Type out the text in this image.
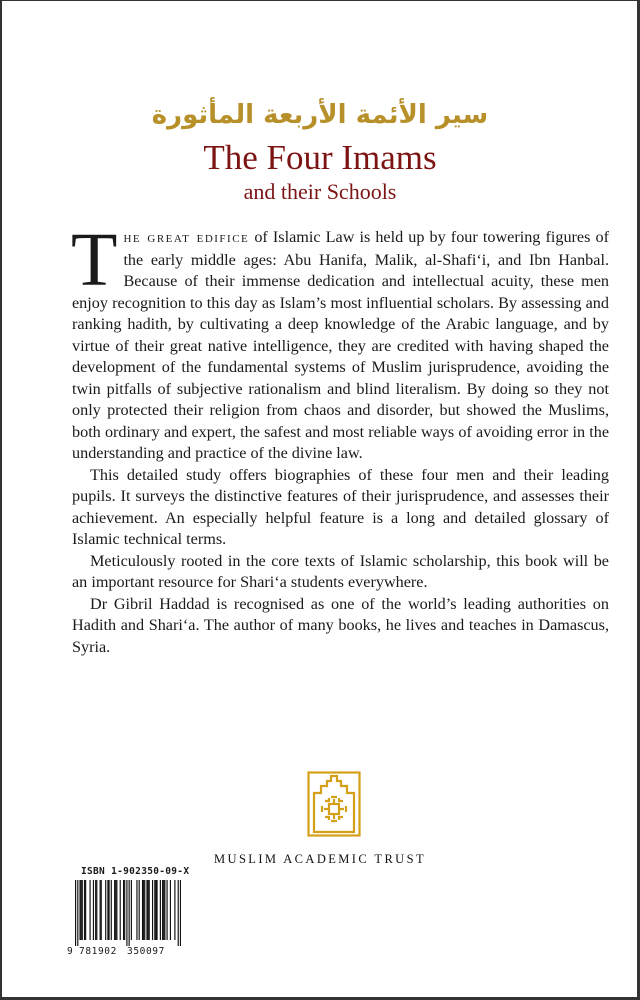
سير الأئمة الأربعة المأثورة
The Four Imams
and their Schools

The great edifice of Islamic Law is held up by four towering figures of the early middle ages: Abu Hanifa, Malik, al-Shafi‘i, and Ibn Hanbal. Because of their immense dedication and intellectual acuity, these men enjoy recognition to this day as Islam’s most influential scholars. By assessing and ranking hadith, by cultivating a deep knowledge of the Arabic language, and by virtue of their great native intelligence, they are credited with having shaped the development of the fundamental systems of Muslim jurisprudence, avoiding the twin pitfalls of subjective rationalism and blind literalism. By doing so they not only protected their religion from chaos and disorder, but showed the Muslims, both ordinary and expert, the safest and most reliable ways of avoiding error in the understanding and practice of the divine law.

This detailed study offers biographies of these four men and their leading pupils. It surveys the distinctive features of their jurisprudence, and assesses their achievement. An especially helpful feature is a long and detailed glossary of Islamic technical terms.

Meticulously rooted in the core texts of Islamic scholarship, this book will be an important resource for Shari‘a students everywhere.

Dr Gibril Haddad is recognised as one of the world’s leading authorities on Hadith and Shari‘a. The author of many books, he lives and teaches in Damascus, Syria.

MUSLIM ACADEMIC TRUST
ISBN 1-902350-09-X
9 781902 350097
